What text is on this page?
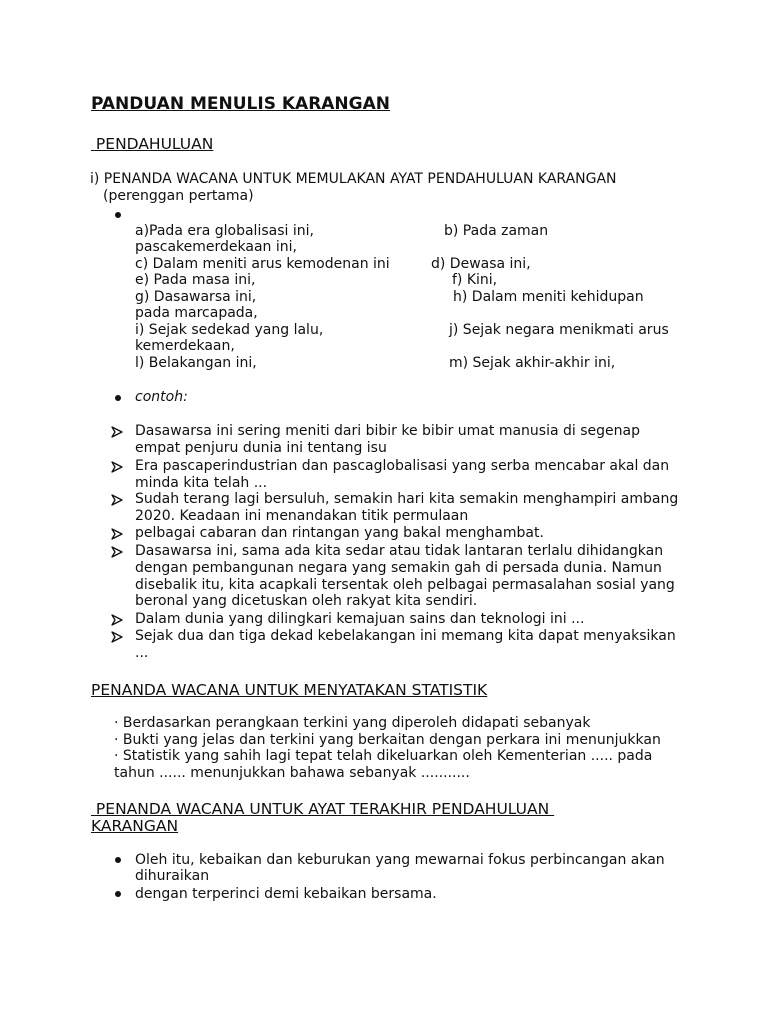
PANDUAN MENULIS KARANGAN
PENDAHULUAN
i) PENANDA WACANA UNTUK MEMULAKAN AYAT PENDAHULUAN KARANGAN
(perenggan pertama)
a)Pada era globalisasi ini,	b) Pada zaman
pascakemerdekaan ini,
c) Dalam meniti arus kemodenan ini	d) Dewasa ini,
e) Pada masa ini,	f) Kini,
g) Dasawarsa ini,	h) Dalam meniti kehidupan
pada marcapada,
i) Sejak sedekad yang lalu,	j) Sejak negara menikmati arus
kemerdekaan,
l) Belakangan ini,	m) Sejak akhir-akhir ini,
contoh:
Dasawarsa ini sering meniti dari bibir ke bibir umat manusia di segenap
empat penjuru dunia ini tentang isu
Era pascaperindustrian dan pascaglobalisasi yang serba mencabar akal dan
minda kita telah ...
Sudah terang lagi bersuluh, semakin hari kita semakin menghampiri ambang
2020. Keadaan ini menandakan titik permulaan
pelbagai cabaran dan rintangan yang bakal menghambat.
Dasawarsa ini, sama ada kita sedar atau tidak lantaran terlalu dihidangkan
dengan pembangunan negara yang semakin gah di persada dunia. Namun
disebalik itu, kita acapkali tersentak oleh pelbagai permasalahan sosial yang
beronal yang dicetuskan oleh rakyat kita sendiri.
Dalam dunia yang dilingkari kemajuan sains dan teknologi ini ...
Sejak dua dan tiga dekad kebelakangan ini memang kita dapat menyaksikan
...
PENANDA WACANA UNTUK MENYATAKAN STATISTIK
· Berdasarkan perangkaan terkini yang diperoleh didapati sebanyak
· Bukti yang jelas dan terkini yang berkaitan dengan perkara ini menunjukkan
· Statistik yang sahih lagi tepat telah dikeluarkan oleh Kementerian ..... pada
tahun ...... menunjukkan bahawa sebanyak ...........
PENANDA WACANA UNTUK AYAT TERAKHIR PENDAHULUAN
KARANGAN
Oleh itu, kebaikan dan keburukan yang mewarnai fokus perbincangan akan
dihuraikan
dengan terperinci demi kebaikan bersama.
